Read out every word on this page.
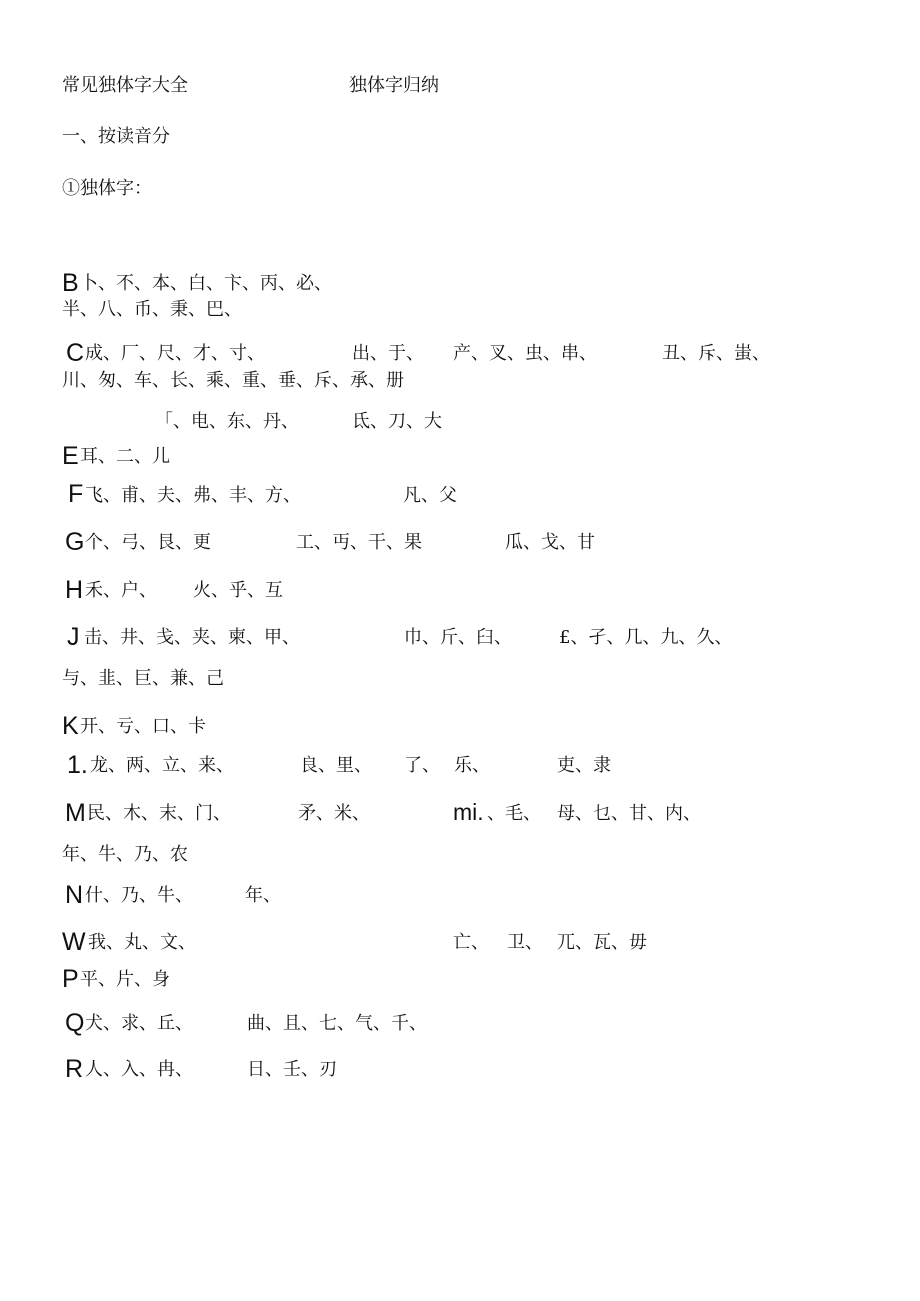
常见独体字大全	独体字归纳
一、按读音分
①独体字：
B 卜、不、本、白、卞、丙、必、
半、八、币、秉、巴、
C 成、厂、尺、才、寸、	出、于、 产、叉、虫、串、	丑、斥、蚩、
川、匆、车、长、乘、重、垂、斥、承、册
「、电、东、丹、	氐、刀、大
E 耳、二、儿
F 飞、甫、夫、弗、丰、方、	凡、父
G 个、弓、艮、更	工、丏、干、果	瓜、戈、甘
H 禾、户、 火、乎、互
J 击、井、戋、夹、柬、甲、	巾、斤、臼、	£、孑、几、九、久、
与、韭、巨、兼、己
K 开、亏、口、卡
1. 龙、两、立、来、	良、里、 了、 乐、	吏、隶
M 民、木、末、门、	矛、米、	mi. 、毛、 母、乜、甘、内、
年、牛、乃、农
N 什、乃、牛、	年、
W 我、丸、文、	亡、 卫、 兀、瓦、毋
P 平、片、身
Q 犬、求、丘、	曲、且、七、气、千、
R 人、入、冉、	日、壬、刃
